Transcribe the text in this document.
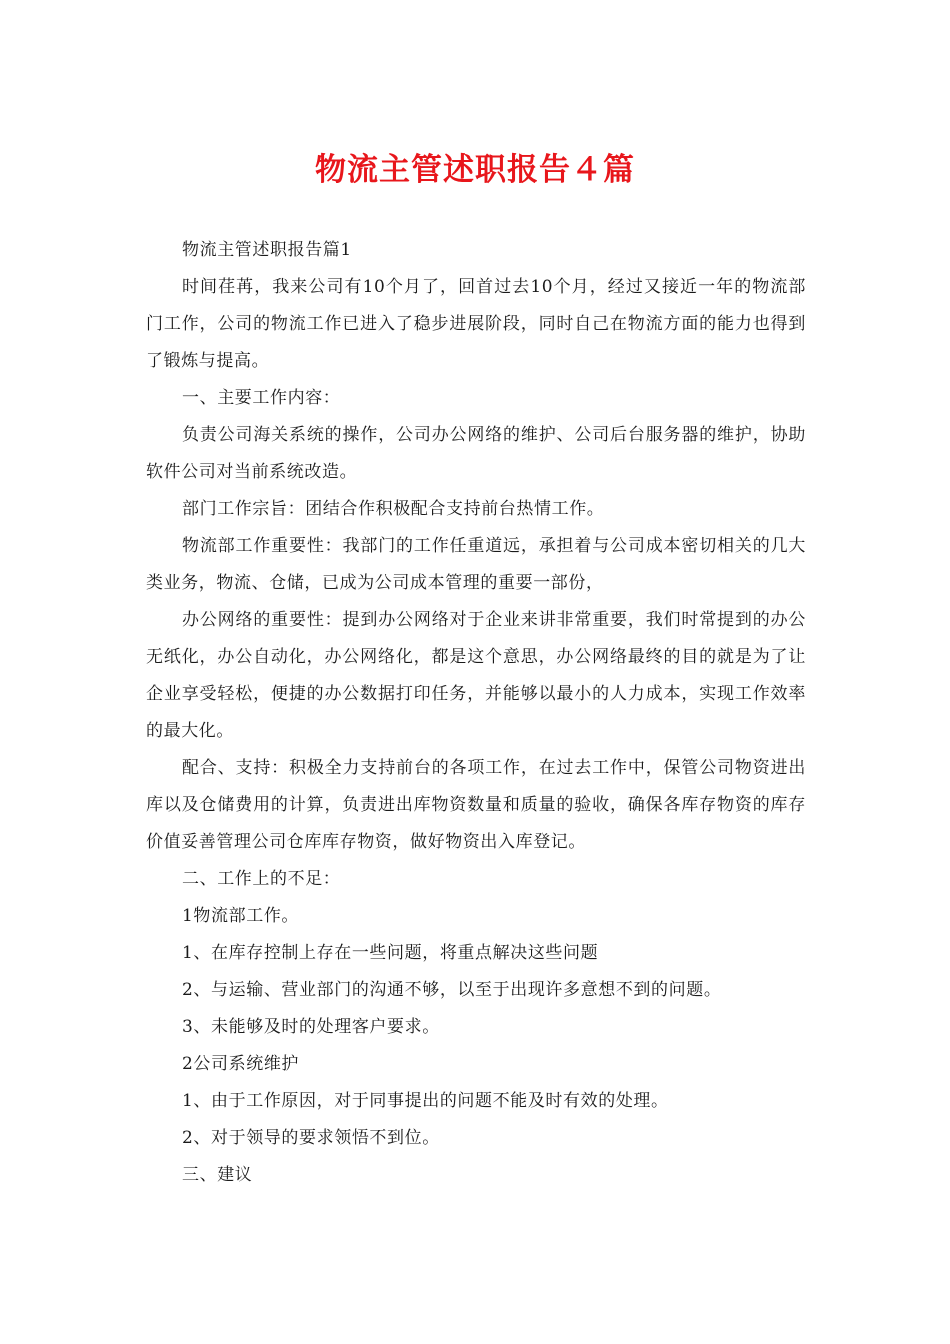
物流主管述职报告４篇

物流主管述职报告篇1

时间荏苒，我来公司有10个月了，回首过去10个月，经过又接近一年的物流部门工作，公司的物流工作已进入了稳步进展阶段，同时自己在物流方面的能力也得到了锻炼与提高。

一、主要工作内容：

负责公司海关系统的操作，公司办公网络的维护、公司后台服务器的维护，协助软件公司对当前系统改造。

部门工作宗旨：团结合作积极配合支持前台热情工作。

物流部工作重要性：我部门的工作任重道远，承担着与公司成本密切相关的几大类业务，物流、仓储，已成为公司成本管理的重要一部份，

办公网络的重要性：提到办公网络对于企业来讲非常重要，我们时常提到的办公无纸化，办公自动化，办公网络化，都是这个意思，办公网络最终的目的就是为了让企业享受轻松，便捷的办公数据打印任务，并能够以最小的人力成本，实现工作效率的最大化。

配合、支持：积极全力支持前台的各项工作，在过去工作中，保管公司物资进出库以及仓储费用的计算，负责进出库物资数量和质量的验收，确保各库存物资的库存价值妥善管理公司仓库库存物资，做好物资出入库登记。

二、工作上的不足：

1物流部工作。

1、在库存控制上存在一些问题，将重点解决这些问题

2、与运输、营业部门的沟通不够，以至于出现许多意想不到的问题。

3、未能够及时的处理客户要求。

2公司系统维护

1、由于工作原因，对于同事提出的问题不能及时有效的处理。

2、对于领导的要求领悟不到位。

三、建议
